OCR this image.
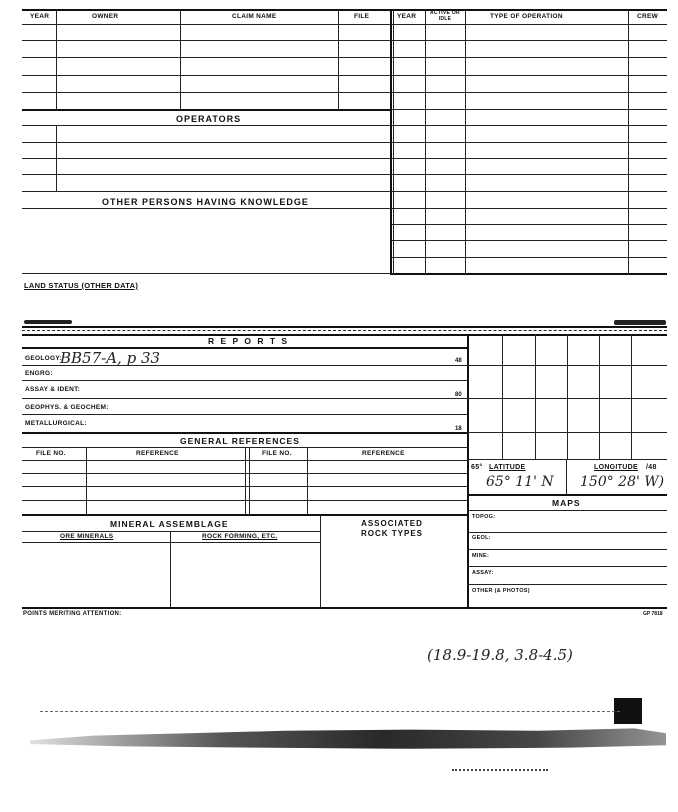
YEAR	OWNER	CLAIM NAME	FILE	YEAR	ACTIVE OR IDLE	TYPE OF OPERATION	CREW
OPERATORS
OTHER PERSONS HAVING KNOWLEDGE
LAND STATUS (OTHER DATA)
R E P O R T S
GEOLOGY:
BB57-A, p 33	48
ENGRG:
ASSAY & IDENT:
80
GEOPHYS. & GEOCHEM:
METALLURGICAL:
18
GENERAL REFERENCES
FILE NO.	REFERENCE	FILE NO.	REFERENCE
MINERAL ASSEMBLAGE	ASSOCIATED ROCK TYPES
ORE MINERALS	ROCK FORMING, ETC.
65° LATITUDE	LONGITUDE /48
65° 11' N 150° 28' W)
MAPS
TOPOG:
GEOL:
MINE:
ASSAY:
OTHER (& PHOTOS)
POINTS MERITING ATTENTION:	GP 7818
(18.9-19.8, 3.8-4.5)
